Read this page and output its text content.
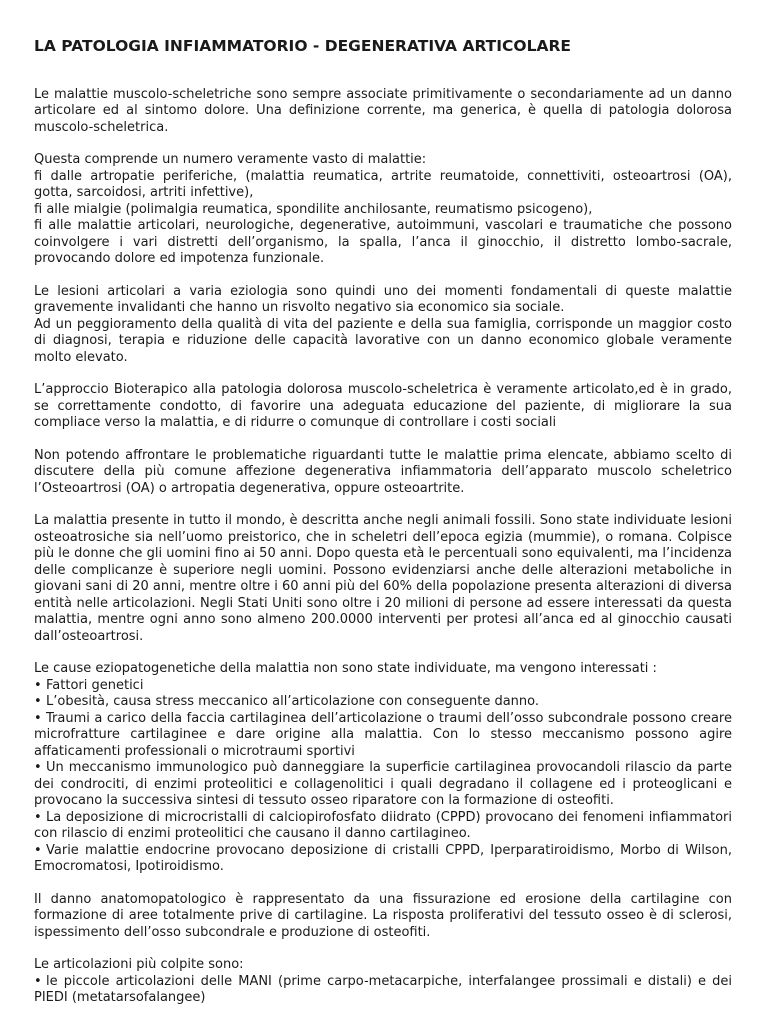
LA PATOLOGIA INFIAMMATORIO - DEGENERATIVA ARTICOLARE

Le malattie muscolo-scheletriche sono sempre associate primitivamente o secondariamente ad un danno articolare ed al sintomo dolore. Una definizione corrente, ma generica, è quella di patologia dolorosa muscolo-scheletrica.

Questa comprende un numero veramente vasto di malattie:
fi dalle artropatie periferiche, (malattia reumatica, artrite reumatoide, connettiviti, osteoartrosi (OA), gotta, sarcoidosi, artriti infettive),
fi alle mialgie (polimalgia reumatica, spondilite anchilosante, reumatismo psicogeno),
fi alle malattie articolari, neurologiche, degenerative, autoimmuni, vascolari e traumatiche che possono coinvolgere i vari distretti dell’organismo, la spalla, l’anca il ginocchio, il distretto lombo-sacrale, provocando dolore ed impotenza funzionale.

Le lesioni articolari a varia eziologia sono quindi uno dei momenti fondamentali di queste malattie gravemente invalidanti che hanno un risvolto negativo sia economico sia sociale.
Ad un peggioramento della qualità di vita del paziente e della sua famiglia, corrisponde un maggior costo di diagnosi, terapia e riduzione delle capacità lavorative con un danno economico globale veramente molto elevato.

L’approccio Bioterapico alla patologia dolorosa muscolo-scheletrica è veramente articolato,ed è in grado, se correttamente condotto, di favorire una adeguata educazione del paziente, di migliorare la sua compliace verso la malattia, e di ridurre o comunque di controllare i costi sociali

Non potendo affrontare le problematiche riguardanti tutte le malattie prima elencate, abbiamo scelto di discutere della più comune affezione degenerativa infiammatoria dell’apparato muscolo scheletrico l’Osteoartrosi (OA) o artropatia degenerativa, oppure osteoartrite.

La malattia presente in tutto il mondo, è descritta anche negli animali fossili. Sono state individuate lesioni osteoatrosiche sia nell’uomo preistorico, che in scheletri dell’epoca egizia (mummie), o romana. Colpisce più le donne che gli uomini fino ai 50 anni. Dopo questa età le percentuali sono equivalenti, ma l’incidenza delle complicanze è superiore negli uomini. Possono evidenziarsi anche delle alterazioni metaboliche in giovani sani di 20 anni, mentre oltre i 60 anni più del 60% della popolazione presenta alterazioni di diversa entità nelle articolazioni. Negli Stati Uniti sono oltre i 20 milioni di persone ad essere interessati da questa malattia, mentre ogni anno sono almeno 200.0000 interventi per protesi all’anca ed al ginocchio causati dall’osteoartrosi.

Le cause eziopatogenetiche della malattia non sono state individuate, ma vengono interessati :
• Fattori genetici
• L’obesità, causa stress meccanico all’articolazione con conseguente danno.
• Traumi a carico della faccia cartilaginea dell’articolazione o traumi dell’osso subcondrale possono creare microfratture cartilaginee e dare origine alla malattia. Con lo stesso meccanismo possono agire affaticamenti professionali o microtraumi sportivi
• Un meccanismo immunologico può danneggiare la superficie cartilaginea provocandoli rilascio da parte dei condrociti, di enzimi proteolitici e collagenolitici i quali degradano il collagene ed i proteoglicani e provocano la successiva sintesi di tessuto osseo riparatore con la formazione di osteofiti.
• La deposizione di microcristalli di calciopirofosfato diidrato (CPPD) provocano dei fenomeni infiammatori con rilascio di enzimi proteolitici che causano il danno cartilagineo.
• Varie malattie endocrine provocano deposizione di cristalli CPPD, Iperparatiroidismo, Morbo di Wilson, Emocromatosi, Ipotiroidismo.

Il danno anatomopatologico è rappresentato da una fissurazione ed erosione della cartilagine con formazione di aree totalmente prive di cartilagine. La risposta proliferativi del tessuto osseo è di sclerosi, ispessimento dell’osso subcondrale e produzione di osteofiti.

Le articolazioni più colpite sono:
• le piccole articolazioni delle MANI (prime carpo-metacarpiche, interfalangee prossimali e distali) e dei PIEDI (metatarsofalangee)
